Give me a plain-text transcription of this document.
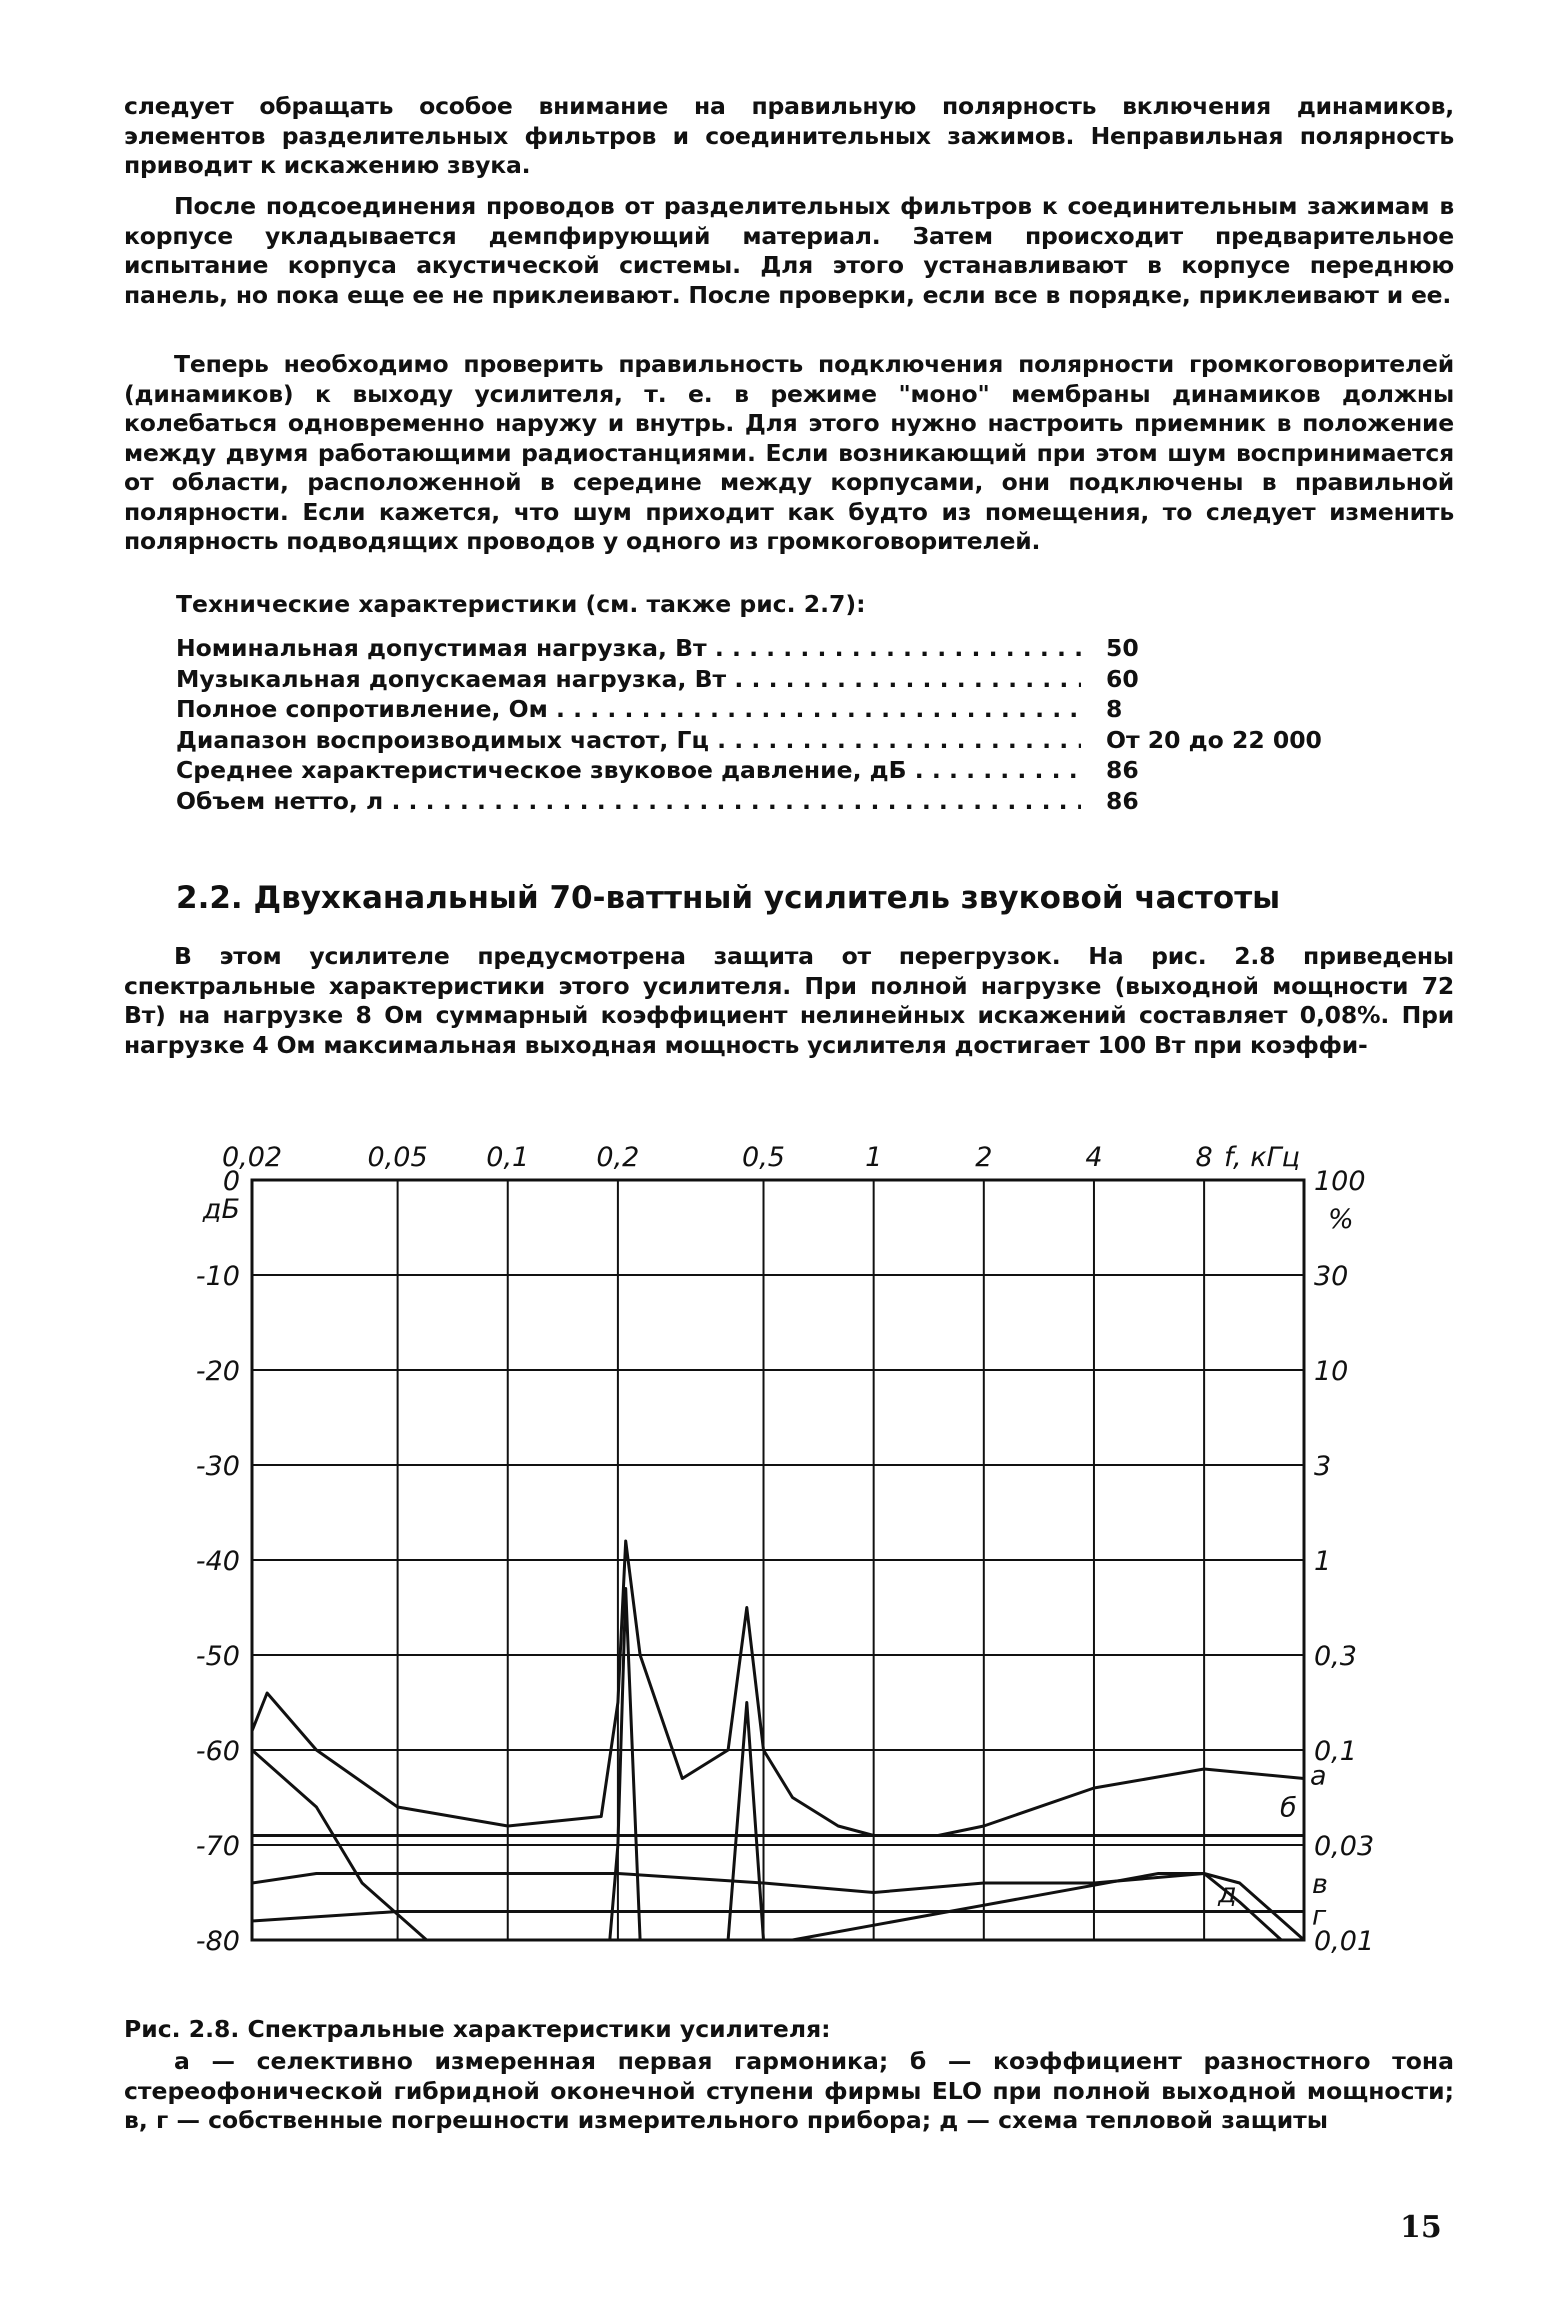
следует обращать особое внимание на правильную полярность включения динамиков, элементов разделительных фильтров и соединительных зажимов. Неправильная полярность приводит к искажению звука.

После подсоединения проводов от разделительных фильтров к соединительным зажимам в корпусе укладывается демпфирующий материал. Затем происходит предварительное испытание корпуса акустической системы. Для этого устанавливают в корпусе переднюю панель, но пока еще ее не приклеивают. После проверки, если все в порядке, приклеивают и ее.

Теперь необходимо проверить правильность подключения полярности громкоговорителей (динамиков) к выходу усилителя, т. е. в режиме "моно" мембраны динамиков должны колебаться одновременно наружу и внутрь. Для этого нужно настроить приемник в положение между двумя работающими радиостанциями. Если возникающий при этом шум воспринимается от области, расположенной в середине между корпусами, они подключены в правильной полярности. Если кажется, что шум приходит как будто из помещения, то следует изменить полярность подводящих проводов у одного из громкоговорителей.

Технические характеристики (см. также рис. 2.7):

Номинальная допустимая нагрузка, Вт . . .	50
Музыкальная допускаемая нагрузка, Вт . . .	60
Полное сопротивление, Ом . . .	8
Диапазон воспроизводимых частот, Гц . . .	От 20 до 22 000
Среднее характеристическое звуковое давление, дБ . . .	86
Объем нетто, л . . .	86
2.2. Двухканальный 70-ваттный усилитель звуковой частоты

В этом усилителе предусмотрена защита от перегрузок. На рис. 2.8 приведены спектральные характеристики этого усилителя. При полной нагрузке (выходной мощности 72 Вт) на нагрузке 8 Ом суммарный коэффициент нелинейных искажений составляет 0,08%. При нагрузке 4 Ом максимальная выходная мощность усилителя достигает 100 Вт при коэффи-

0,02	0,05 0,1 0,2	0,5	1	2	4	8 f, кГц
0	100
-10	30
-20	10
-30	3
-40	1
-50	0,3
-60	0,1
-70	0,03
-80	0,01
дБ	%
а
б
в
г
д

Рис. 2.8. Спектральные характеристики усилителя:

а — селективно измеренная первая гармоника; б — коэффициент разностного тона стереофонической гибридной оконечной ступени фирмы ELO при полной выходной мощности; в, г — собственные погрешности измерительного прибора; д — схема тепловой защиты

15
